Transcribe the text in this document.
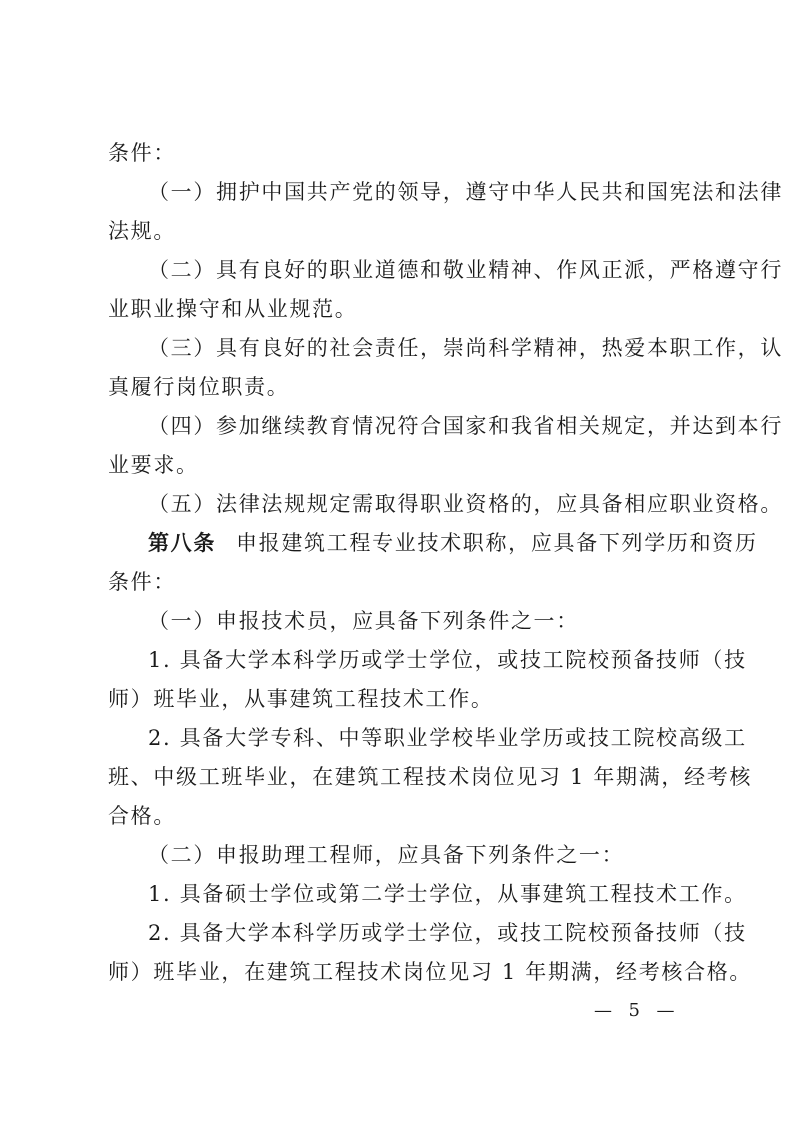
条件：
（一）拥护中国共产党的领导，遵守中华人民共和国宪法和法律
法规。
（二）具有良好的职业道德和敬业精神、作风正派，严格遵守行
业职业操守和从业规范。
（三）具有良好的社会责任，崇尚科学精神，热爱本职工作，认
真履行岗位职责。
（四）参加继续教育情况符合国家和我省相关规定，并达到本行
业要求。
（五）法律法规规定需取得职业资格的，应具备相应职业资格。
第八条 申报建筑工程专业技术职称，应具备下列学历和资历
条件：
（一）申报技术员，应具备下列条件之一：
1. 具备大学本科学历或学士学位，或技工院校预备技师（技
师）班毕业，从事建筑工程技术工作。
2. 具备大学专科、中等职业学校毕业学历或技工院校高级工
班、中级工班毕业，在建筑工程技术岗位见习 1 年期满，经考核
合格。
（二）申报助理工程师，应具备下列条件之一：
1. 具备硕士学位或第二学士学位，从事建筑工程技术工作。
2. 具备大学本科学历或学士学位，或技工院校预备技师（技
师）班毕业，在建筑工程技术岗位见习 1 年期满，经考核合格。
— 5 —
